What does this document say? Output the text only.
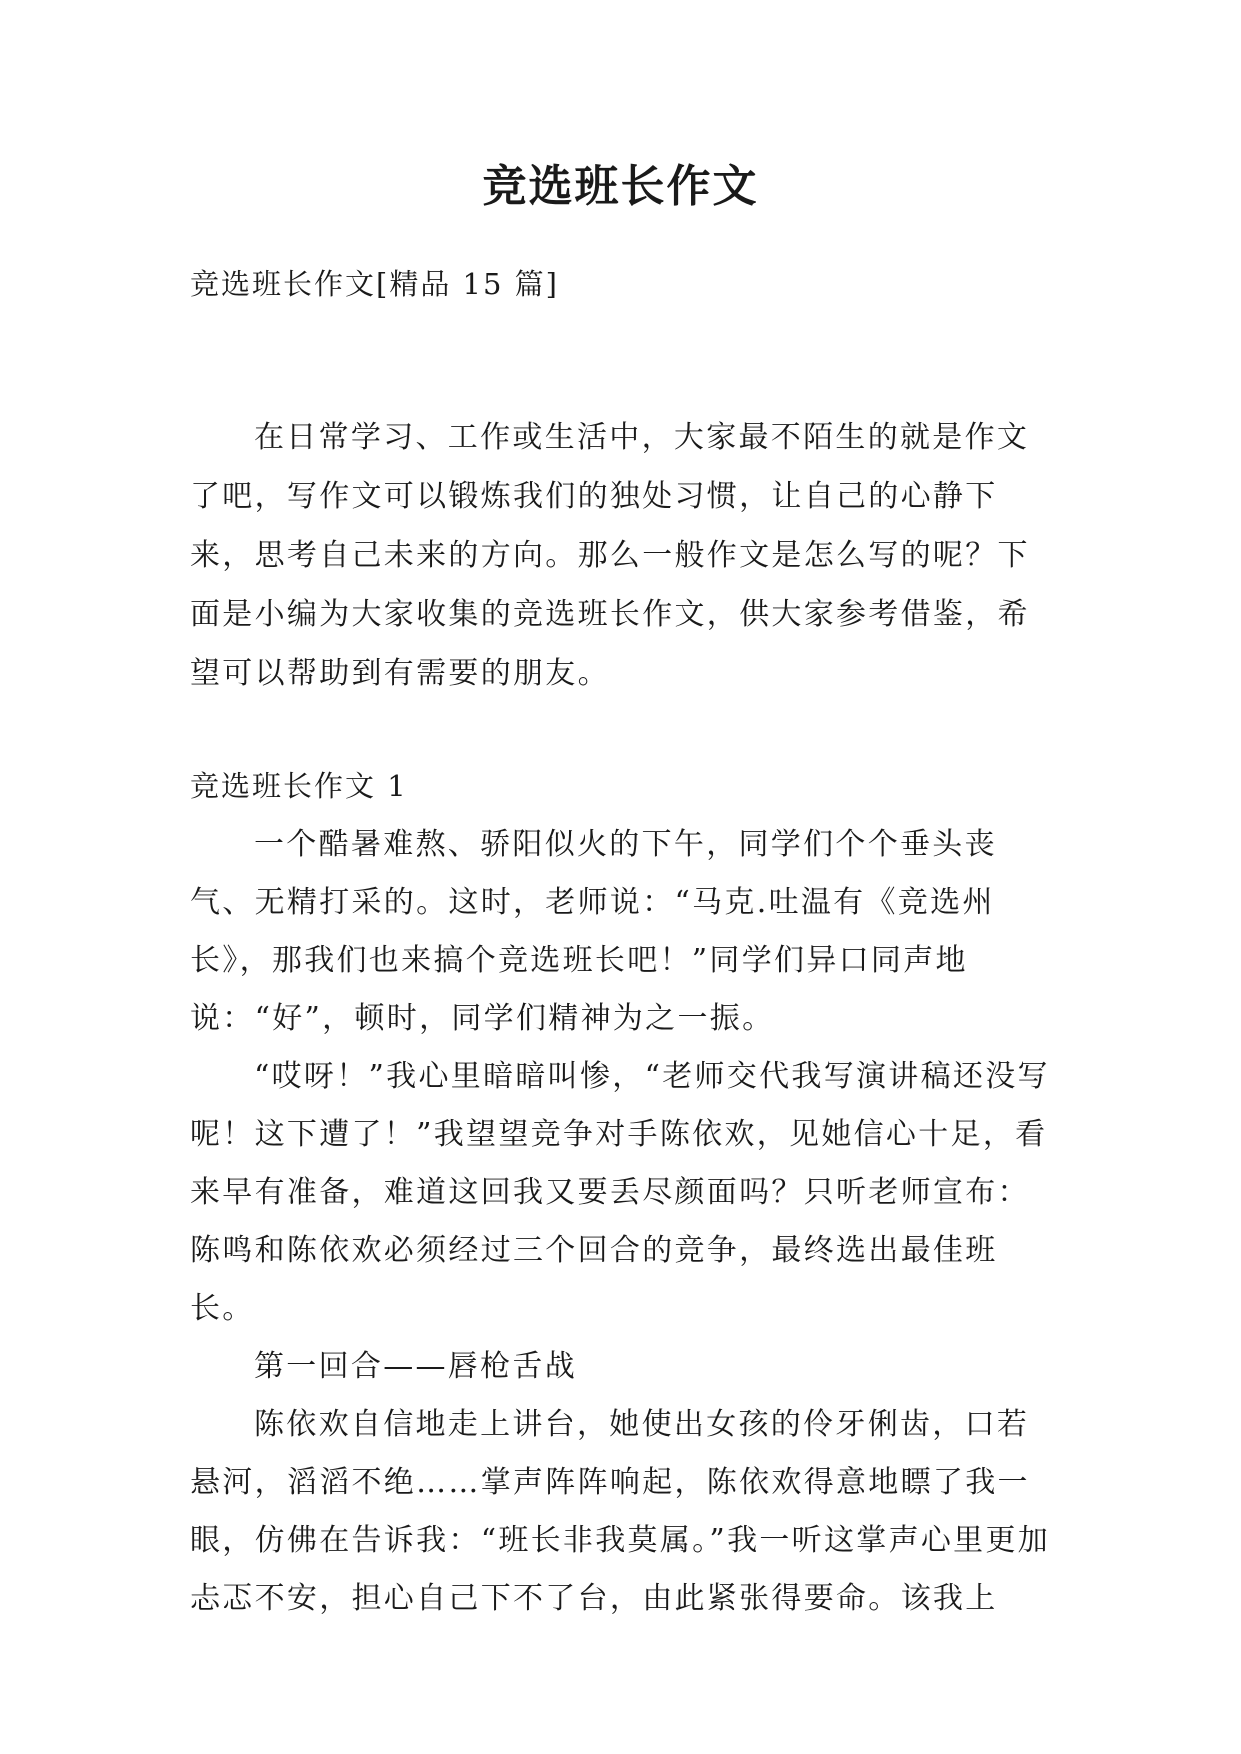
竞选班长作文

竞选班长作文[精品 15 篇]

在日常学习、工作或生活中，大家最不陌生的就是作文了吧，写作文可以锻炼我们的独处习惯，让自己的心静下来，思考自己未来的方向。那么一般作文是怎么写的呢？下面是小编为大家收集的竞选班长作文，供大家参考借鉴，希望可以帮助到有需要的朋友。

竞选班长作文 1

一个酷暑难熬、骄阳似火的下午，同学们个个垂头丧气、无精打采的。这时，老师说：“马克.吐温有《竞选州长》，那我们也来搞个竞选班长吧！”同学们异口同声地说：“好”，顿时，同学们精神为之一振。

“哎呀！”我心里暗暗叫惨，“老师交代我写演讲稿还没写呢！这下遭了！”我望望竞争对手陈依欢，见她信心十足，看来早有准备，难道这回我又要丢尽颜面吗？只听老师宣布：陈鸣和陈依欢必须经过三个回合的竞争，最终选出最佳班长。

第一回合——唇枪舌战

陈依欢自信地走上讲台，她使出女孩的伶牙俐齿，口若悬河，滔滔不绝……掌声阵阵响起，陈依欢得意地瞟了我一眼，仿佛在告诉我：“班长非我莫属。”我一听这掌声心里更加忐忑不安，担心自己下不了台，由此紧张得要命。该我上
